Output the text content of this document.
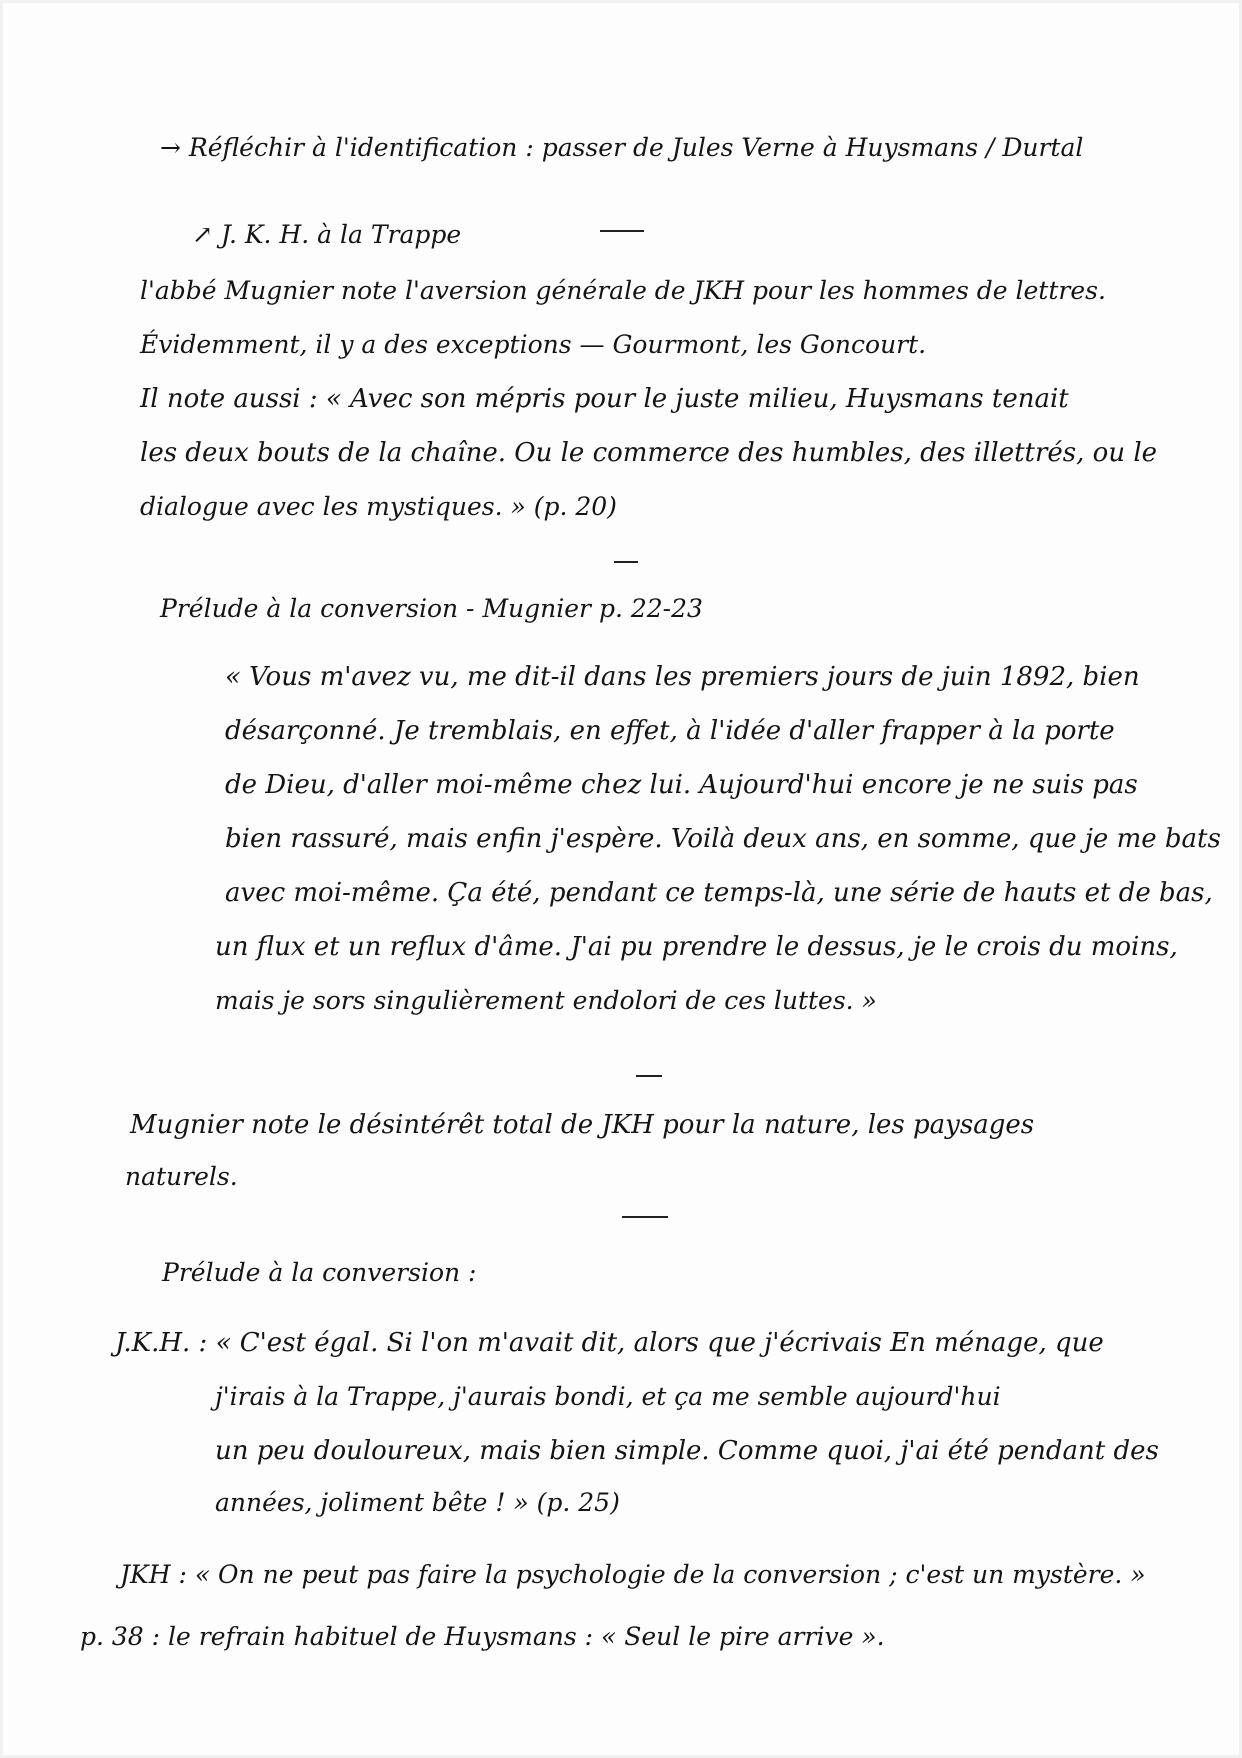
→ Réfléchir à l'identification : passer de Jules Verne à Huysmans / Durtal
↗ J. K. H. à la Trappe
l'abbé Mugnier note l'aversion générale de JKH pour les hommes de lettres.
Évidemment, il y a des exceptions — Gourmont, les Goncourt.
Il note aussi : « Avec son mépris pour le juste milieu, Huysmans tenait
les deux bouts de la chaîne. Ou le commerce des humbles, des illettrés, ou le
dialogue avec les mystiques. » (p. 20)
Prélude à la conversion - Mugnier p. 22-23
« Vous m'avez vu, me dit-il dans les premiers jours de juin 1892, bien
désarçonné. Je tremblais, en effet, à l'idée d'aller frapper à la porte
de Dieu, d'aller moi-même chez lui. Aujourd'hui encore je ne suis pas
bien rassuré, mais enfin j'espère. Voilà deux ans, en somme, que je me bats
avec moi-même. Ça été, pendant ce temps-là, une série de hauts et de bas,
un flux et un reflux d'âme. J'ai pu prendre le dessus, je le crois du moins,
mais je sors singulièrement endolori de ces luttes. »
Mugnier note le désintérêt total de JKH pour la nature, les paysages
naturels.
Prélude à la conversion :
J.K.H. : « C'est égal. Si l'on m'avait dit, alors que j'écrivais En ménage, que
j'irais à la Trappe, j'aurais bondi, et ça me semble aujourd'hui
un peu douloureux, mais bien simple. Comme quoi, j'ai été pendant des
années, joliment bête ! » (p. 25)
JKH : « On ne peut pas faire la psychologie de la conversion ; c'est un mystère. »
p. 38 : le refrain habituel de Huysmans : « Seul le pire arrive ».
